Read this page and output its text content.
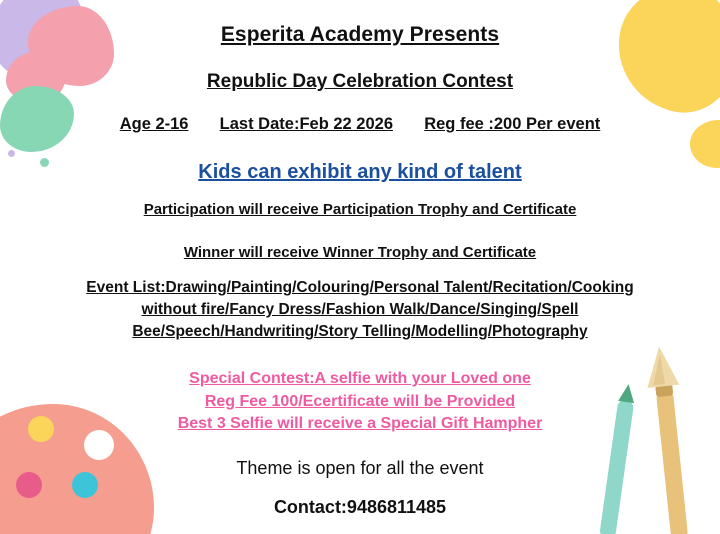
Esperita Academy Presents
Republic Day Celebration Contest
Age 2-16 Last Date:Feb 22 2026 Reg fee :200 Per event
Kids can exhibit any kind of talent
Participation will receive Participation Trophy and Certificate
Winner will receive Winner Trophy and Certificate
Event List:Drawing/Painting/Colouring/Personal Talent/Recitation/Cooking
without fire/Fancy Dress/Fashion Walk/Dance/Singing/Spell
Bee/Speech/Handwriting/Story Telling/Modelling/Photography
Special Contest:A selfie with your Loved one
Reg Fee 100/Ecertificate will be Provided
Best 3 Selfie will receive a Special Gift Hampher
Theme is open for all the event
Contact:9486811485
